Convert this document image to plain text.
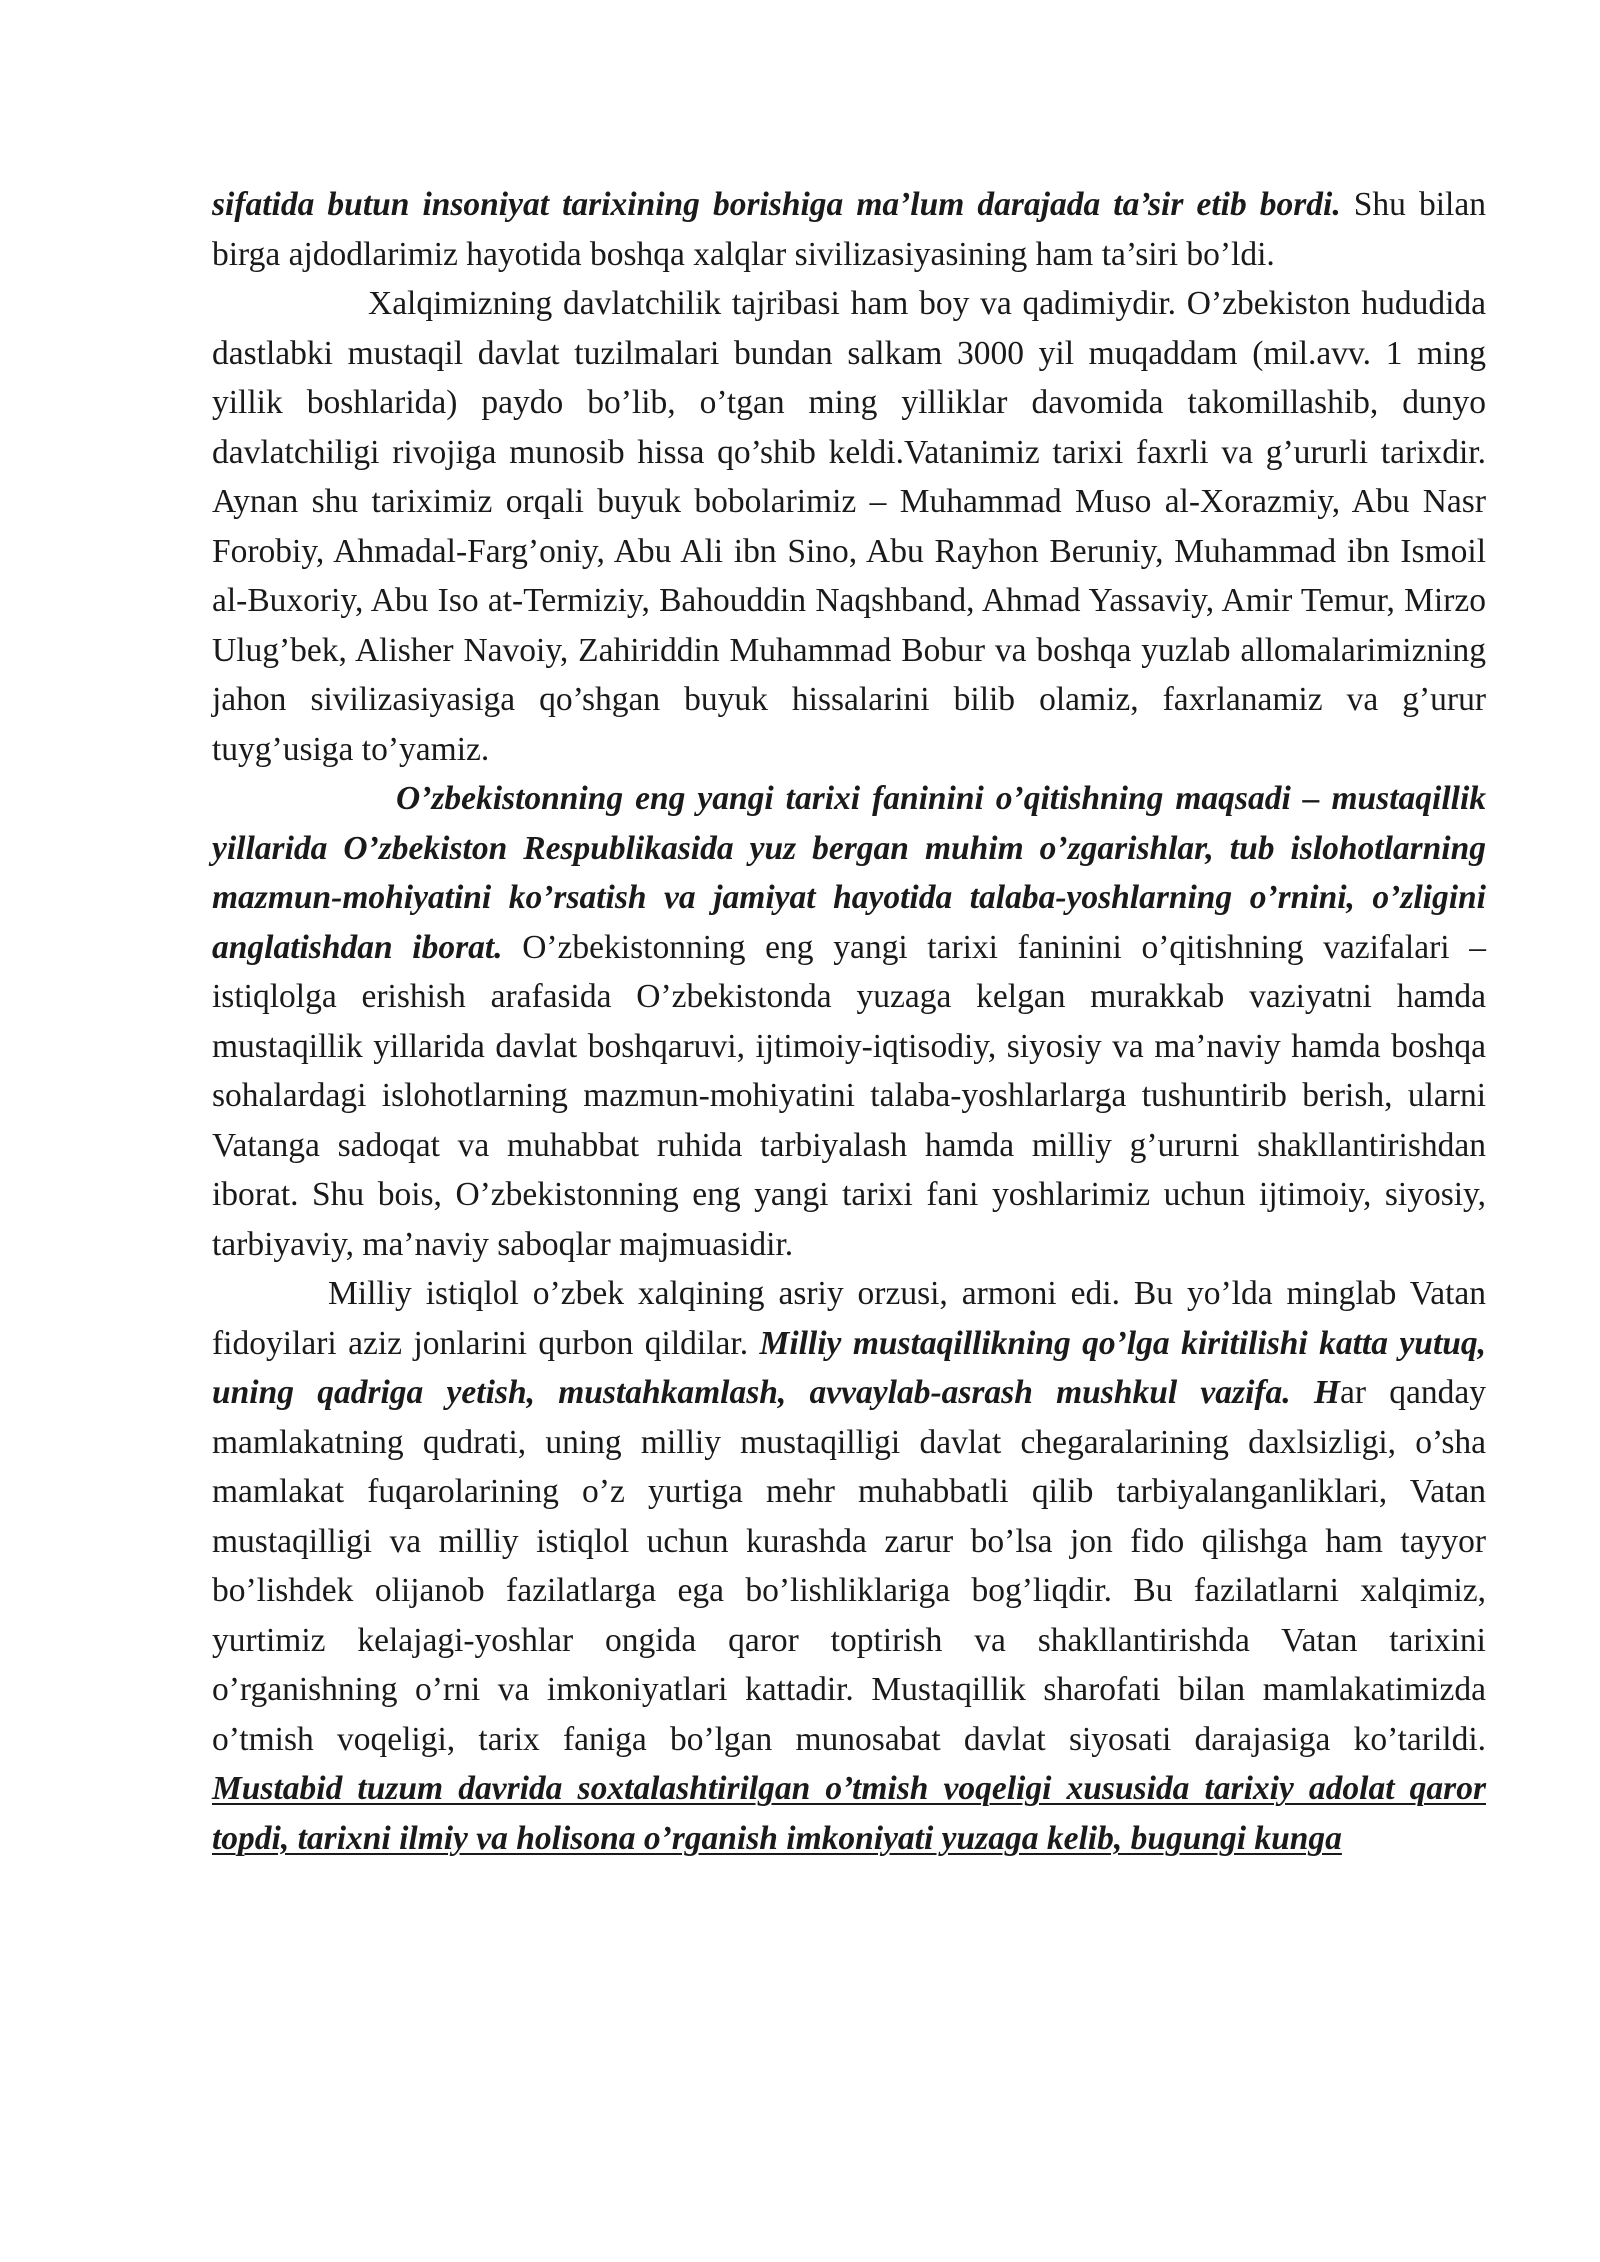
sifatida butun insoniyat tarixining borishiga ma’lum darajada ta’sir etib bordi. Shu bilan birga ajdodlarimiz hayotida boshqa xalqlar sivilizasiyasining ham ta’siri bo’ldi.

Xalqimizning davlatchilik tajribasi ham boy va qadimiydir. O’zbekiston hududida dastlabki mustaqil davlat tuzilmalari bundan salkam 3000 yil muqaddam (mil.avv. 1 ming yillik boshlarida) paydo bo’lib, o’tgan ming yilliklar davomida takomillashib, dunyo davlatchiligi rivojiga munosib hissa qo’shib keldi.Vatanimiz tarixi faxrli va g’ururli tarixdir. Aynan shu tariximiz orqali buyuk bobolarimiz – Muhammad Muso al-Xorazmiy, Abu Nasr Forobiy, Ahmadal-Farg’oniy, Abu Ali ibn Sino, Abu Rayhon Beruniy, Muhammad ibn Ismoil al-Buxoriy, Abu Iso at-Termiziy, Bahouddin Naqshband, Ahmad Yassaviy, Amir Temur, Mirzo Ulug’bek, Alisher Navoiy, Zahiriddin Muhammad Bobur va boshqa yuzlab allomalarimizning jahon sivilizasiyasiga qo’shgan buyuk hissalarini bilib olamiz, faxrlanamiz va g’urur tuyg’usiga to’yamiz.

O’zbekistonning eng yangi tarixi faninini o’qitishning maqsadi – mustaqillik yillarida O’zbekiston Respublikasida yuz bergan muhim o’zgarishlar, tub islohotlarning mazmun-mohiyatini ko’rsatish va jamiyat hayotida talaba-yoshlarning o’rnini, o’zligini anglatishdan iborat. O’zbekistonning eng yangi tarixi faninini o’qitishning vazifalari – istiqlolga erishish arafasida O’zbekistonda yuzaga kelgan murakkab vaziyatni hamda mustaqillik yillarida davlat boshqaruvi, ijtimoiy-iqtisodiy, siyosiy va ma’naviy hamda boshqa sohalardagi islohotlarning mazmun-mohiyatini talaba-yoshlarlarga tushuntirib berish, ularni Vatanga sadoqat va muhabbat ruhida tarbiyalash hamda milliy g’ururni shakllantirishdan iborat. Shu bois, O’zbekistonning eng yangi tarixi fani yoshlarimiz uchun ijtimoiy, siyosiy, tarbiyaviy, ma’naviy saboqlar majmuasidir.

Milliy istiqlol o’zbek xalqining asriy orzusi, armoni edi. Bu yo’lda minglab Vatan fidoyilari aziz jonlarini qurbon qildilar. Milliy mustaqillikning qo’lga kiritilishi katta yutuq, uning qadriga yetish, mustahkamlash, avvaylab-asrash mushkul vazifa. Har qanday mamlakatning qudrati, uning milliy mustaqilligi davlat chegaralarining daxlsizligi, o’sha mamlakat fuqarolarining o’z yurtiga mehr muhabbatli qilib tarbiyalanganliklari, Vatan mustaqilligi va milliy istiqlol uchun kurashda zarur bo’lsa jon fido qilishga ham tayyor bo’lishdek olijanob fazilatlarga ega bo’lishliklariga bog’liqdir. Bu fazilatlarni xalqimiz, yurtimiz kelajagi-yoshlar ongida qaror toptirish va shakllantirishda Vatan tarixini o’rganishning o’rni va imkoniyatlari kattadir. Mustaqillik sharofati bilan mamlakatimizda o’tmish voqeligi, tarix faniga bo’lgan munosabat davlat siyosati darajasiga ko’tarildi. Mustabid tuzum davrida soxtalashtirilgan o’tmish voqeligi xususida tarixiy adolat qaror topdi, tarixni ilmiy va holisona o’rganish imkoniyati yuzaga kelib, bugungi kunga
